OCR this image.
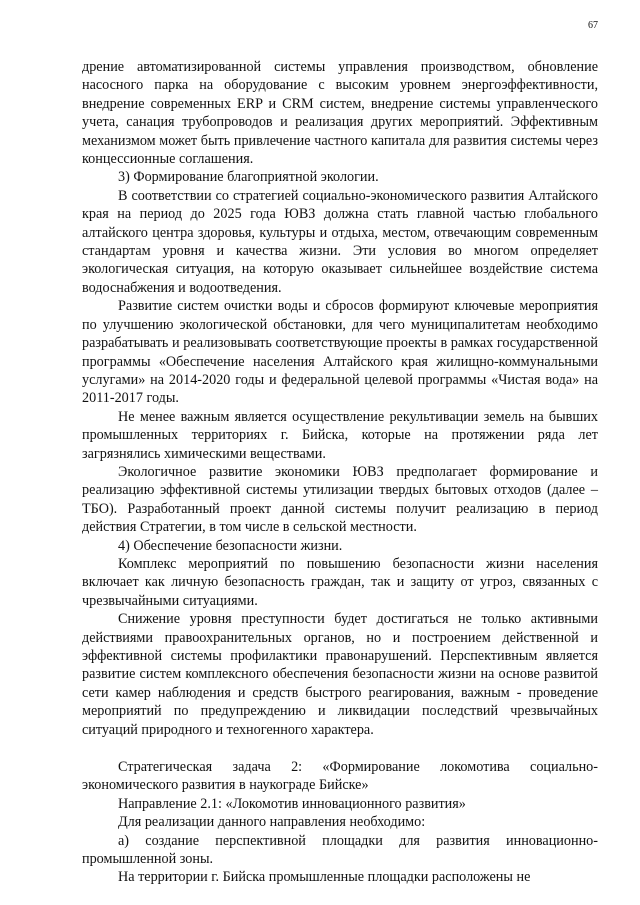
67

дрение автоматизированной системы управления производством, обновление насосного парка на оборудование с высоким уровнем энергоэффективности, внедрение современных ERP и CRM систем, внедрение системы управленческого учета, санация трубопроводов и реализация других мероприятий. Эффективным механизмом может быть привлечение частного капитала для развития системы через концессионные соглашения.

3) Формирование благоприятной экологии.

В соответствии со стратегией социально-экономического развития Алтайского края на период до 2025 года ЮВЗ должна стать главной частью глобального алтайского центра здоровья, культуры и отдыха, местом, отвечающим современным стандартам уровня и качества жизни. Эти условия во многом определяет экологическая ситуация, на которую оказывает сильнейшее воздействие система водоснабжения и водоотведения.

Развитие систем очистки воды и сбросов формируют ключевые мероприятия по улучшению экологической обстановки, для чего муниципалитетам необходимо разрабатывать и реализовывать соответствующие проекты в рамках государственной программы «Обеспечение населения Алтайского края жилищно-коммунальными услугами» на 2014-2020 годы и федеральной целевой программы «Чистая вода» на 2011-2017 годы.

Не менее важным является осуществление рекультивации земель на бывших промышленных территориях г. Бийска, которые на протяжении ряда лет загрязнялись химическими веществами.

Экологичное развитие экономики ЮВЗ предполагает формирование и реализацию эффективной системы утилизации твердых бытовых отходов (далее – ТБО). Разработанный проект данной системы получит реализацию в период действия Стратегии, в том числе в сельской местности.

4) Обеспечение безопасности жизни.

Комплекс мероприятий по повышению безопасности жизни населения включает как личную безопасность граждан, так и защиту от угроз, связанных с чрезвычайными ситуациями.

Снижение уровня преступности будет достигаться не только активными действиями правоохранительных органов, но и построением действенной и эффективной системы профилактики правонарушений. Перспективным является развитие систем комплексного обеспечения безопасности жизни на основе развитой сети камер наблюдения и средств быстрого реагирования, важным - проведение мероприятий по предупреждению и ликвидации последствий чрезвычайных ситуаций природного и техногенного характера.

Стратегическая задача 2: «Формирование локомотива социально-экономического развития в наукограде Бийске»

Направление 2.1: «Локомотив инновационного развития»

Для реализации данного направления необходимо:

а) создание перспективной площадки для развития инновационно-промышленной зоны.

На территории г. Бийска промышленные площадки расположены не
